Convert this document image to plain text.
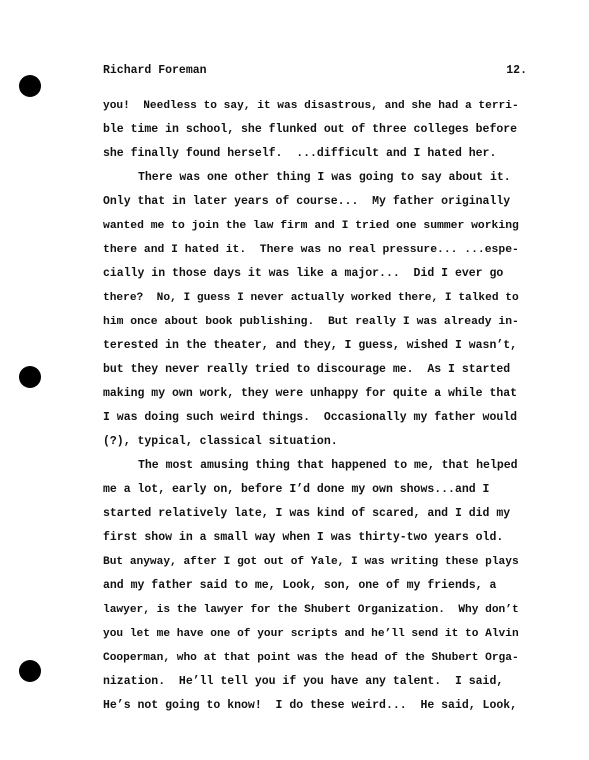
Richard Foreman	12.
you!  Needless to say, it was disastrous, and she had a terri-
ble time in school, she flunked out of three colleges before
she finally found herself.  ...difficult and I hated her.
There was one other thing I was going to say about it.
Only that in later years of course...  My father originally
wanted me to join the law firm and I tried one summer working
there and I hated it.  There was no real pressure... ...espe-
cially in those days it was like a major...  Did I ever go
there?  No, I guess I never actually worked there, I talked to
him once about book publishing.  But really I was already in-
terested in the theater, and they, I guess, wished I wasn’t,
but they never really tried to discourage me.  As I started
making my own work, they were unhappy for quite a while that
I was doing such weird things.  Occasionally my father would
(?), typical, classical situation.
The most amusing thing that happened to me, that helped
me a lot, early on, before I’d done my own shows...and I
started relatively late, I was kind of scared, and I did my
first show in a small way when I was thirty-two years old.
But anyway, after I got out of Yale, I was writing these plays
and my father said to me, Look, son, one of my friends, a
lawyer, is the lawyer for the Shubert Organization.  Why don’t
you let me have one of your scripts and he’ll send it to Alvin
Cooperman, who at that point was the head of the Shubert Orga-
nization.  He’ll tell you if you have any talent.  I said,
He’s not going to know!  I do these weird...  He said, Look,
